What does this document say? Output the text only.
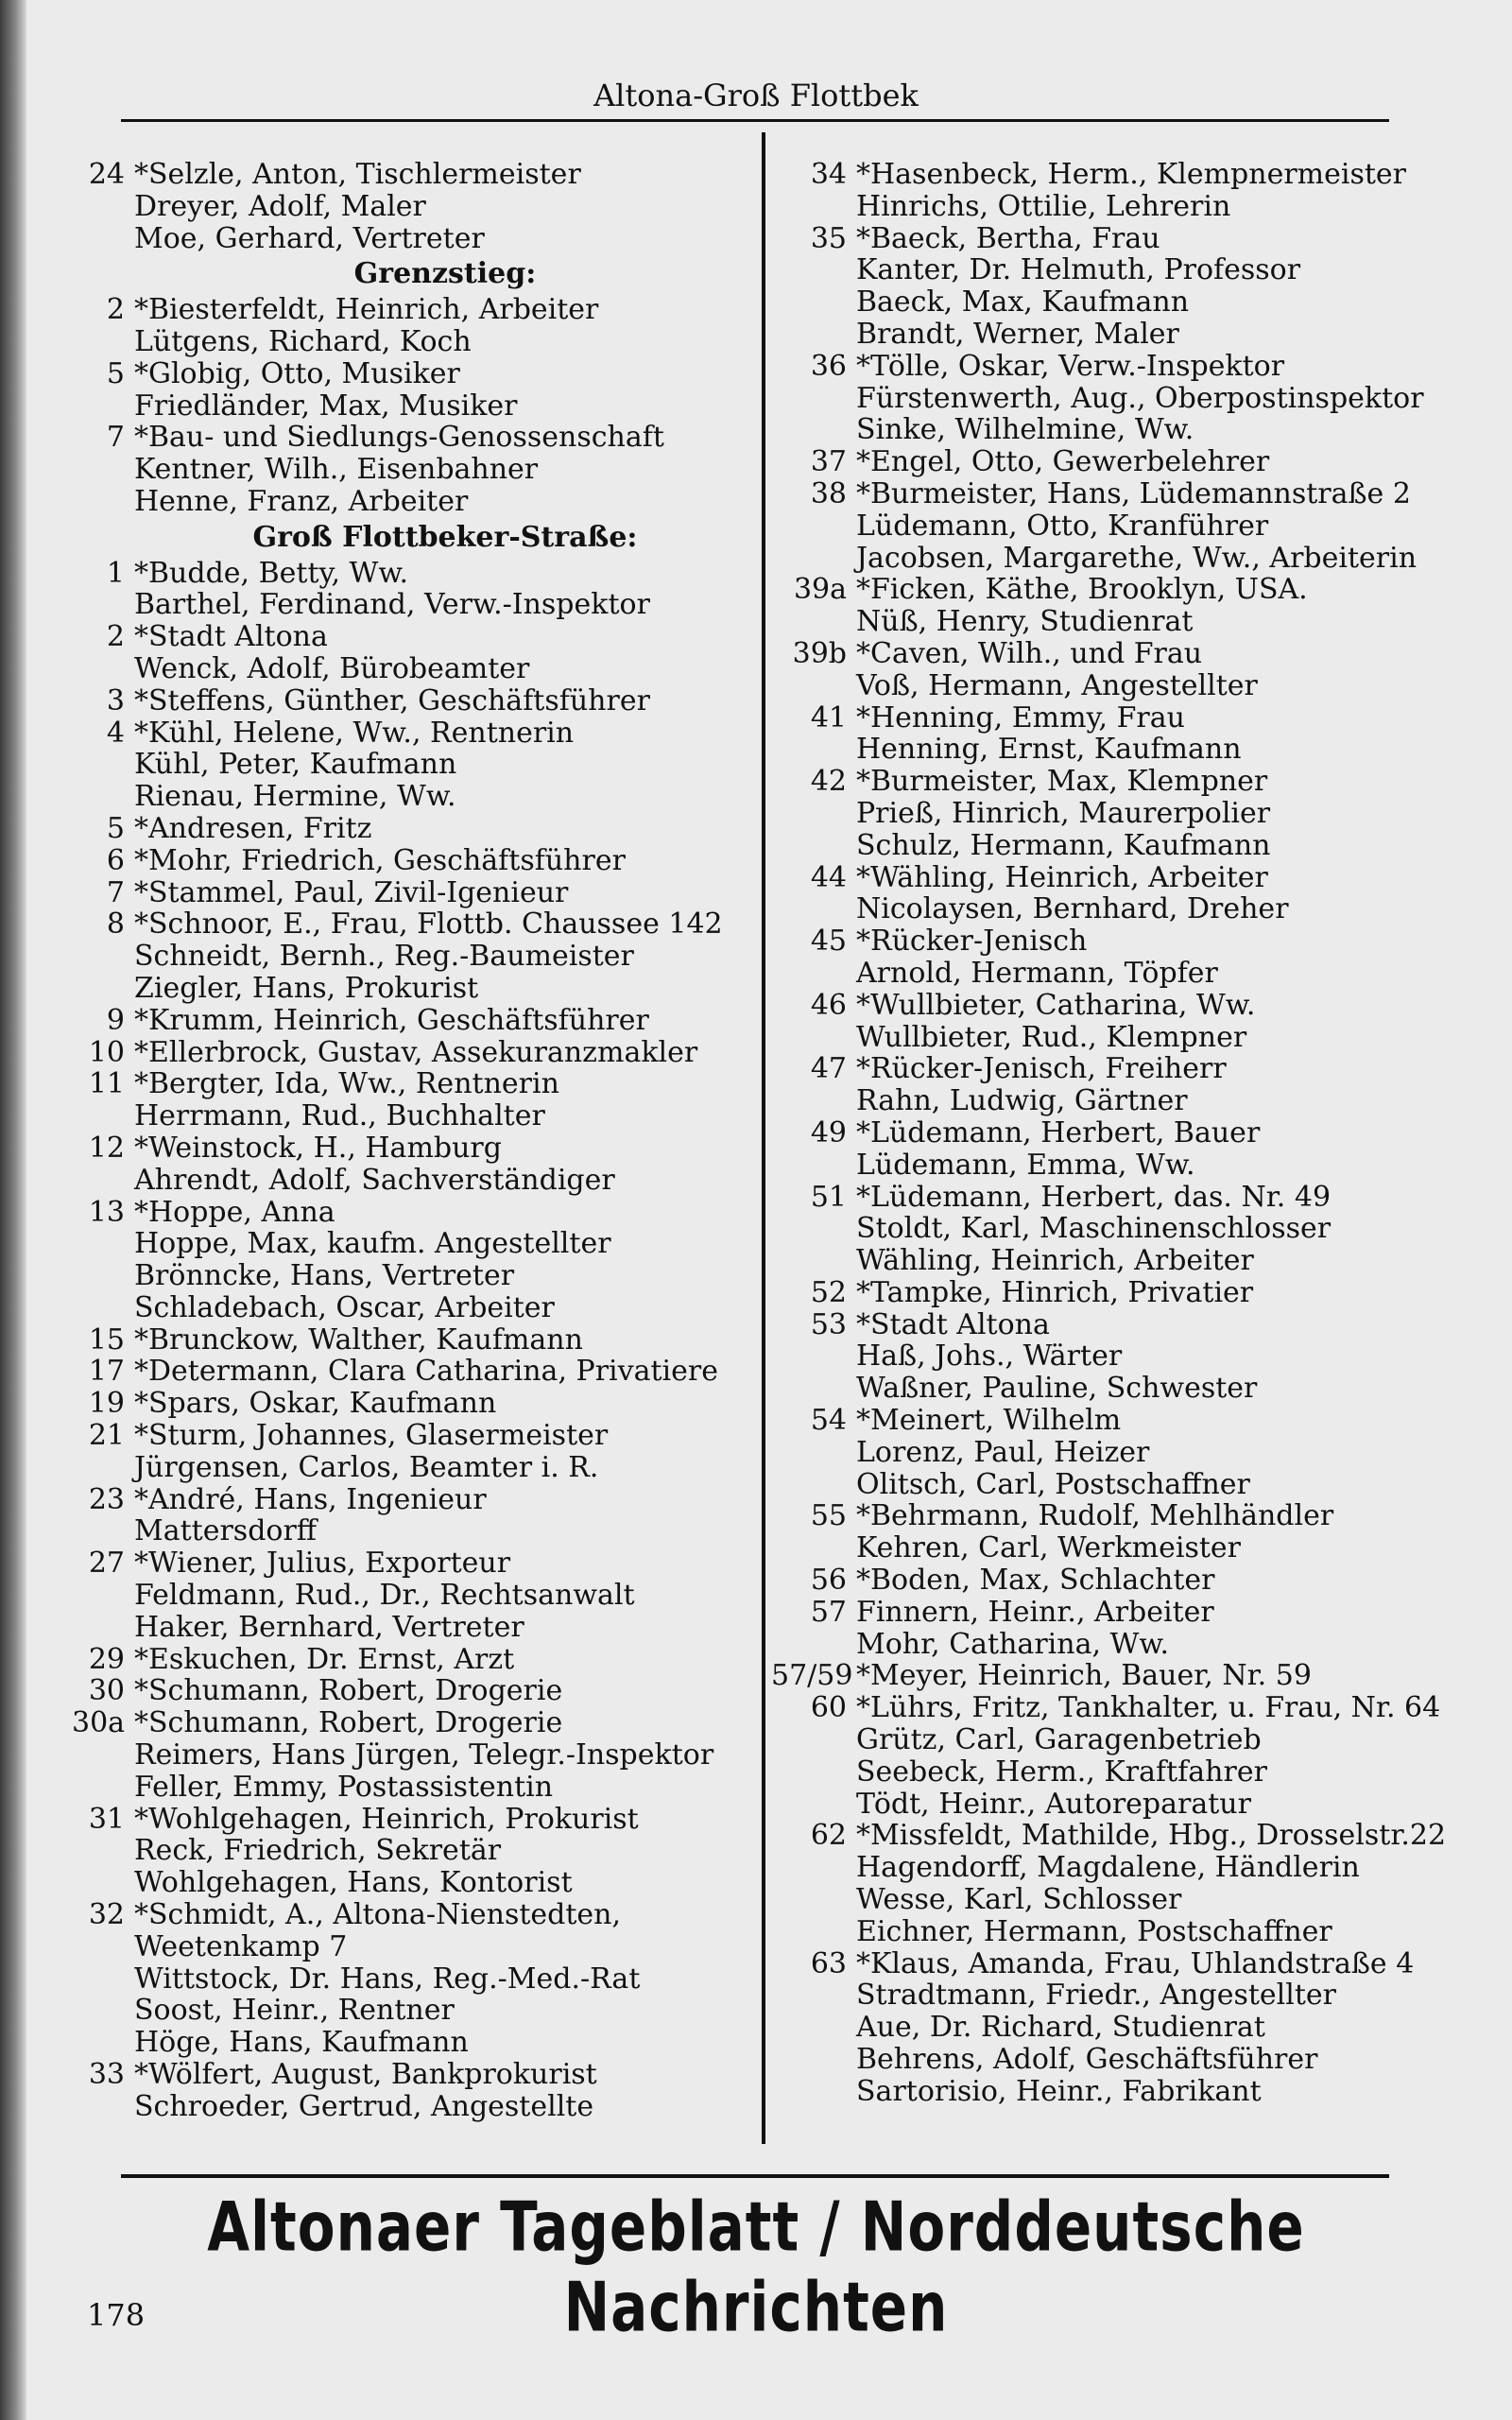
Altona-Groß Flottbek
24 *Selzle, Anton, Tischlermeister
Dreyer, Adolf, Maler
Moe, Gerhard, Vertreter
Grenzstieg:
2 *Biesterfeldt, Heinrich, Arbeiter
Lütgens, Richard, Koch
5 *Globig, Otto, Musiker
Friedländer, Max, Musiker
7 *Bau- und Siedlungs-Genossenschaft
Kentner, Wilh., Eisenbahner
Henne, Franz, Arbeiter
Groß Flottbeker-Straße:
1 *Budde, Betty, Ww.
Barthel, Ferdinand, Verw.-Inspektor
2 *Stadt Altona
Wenck, Adolf, Bürobeamter
3 *Steffens, Günther, Geschäftsführer
4 *Kühl, Helene, Ww., Rentnerin
Kühl, Peter, Kaufmann
Rienau, Hermine, Ww.
5 *Andresen, Fritz
6 *Mohr, Friedrich, Geschäftsführer
7 *Stammel, Paul, Zivil-Igenieur
8 *Schnoor, E., Frau, Flottb. Chaussee 142
Schneidt, Bernh., Reg.-Baumeister
Ziegler, Hans, Prokurist
9 *Krumm, Heinrich, Geschäftsführer
10 *Ellerbrock, Gustav, Assekuranzmakler
11 *Bergter, Ida, Ww., Rentnerin
Herrmann, Rud., Buchhalter
12 *Weinstock, H., Hamburg
Ahrendt, Adolf, Sachverständiger
13 *Hoppe, Anna
Hoppe, Max, kaufm. Angestellter
Brönncke, Hans, Vertreter
Schladebach, Oscar, Arbeiter
15 *Brunckow, Walther, Kaufmann
17 *Determann, Clara Catharina, Privatiere
19 *Spars, Oskar, Kaufmann
21 *Sturm, Johannes, Glasermeister
Jürgensen, Carlos, Beamter i. R.
23 *André, Hans, Ingenieur
Mattersdorff
27 *Wiener, Julius, Exporteur
Feldmann, Rud., Dr., Rechtsanwalt
Haker, Bernhard, Vertreter
29 *Eskuchen, Dr. Ernst, Arzt
30 *Schumann, Robert, Drogerie
30a *Schumann, Robert, Drogerie
Reimers, Hans Jürgen, Telegr.-Inspektor
Feller, Emmy, Postassistentin
31 *Wohlgehagen, Heinrich, Prokurist
Reck, Friedrich, Sekretär
Wohlgehagen, Hans, Kontorist
32 *Schmidt, A., Altona-Nienstedten,
Weetenkamp 7
Wittstock, Dr. Hans, Reg.-Med.-Rat
Soost, Heinr., Rentner
Höge, Hans, Kaufmann
33 *Wölfert, August, Bankprokurist
Schroeder, Gertrud, Angestellte
34 *Hasenbeck, Herm., Klempnermeister
Hinrichs, Ottilie, Lehrerin
35 *Baeck, Bertha, Frau
Kanter, Dr. Helmuth, Professor
Baeck, Max, Kaufmann
Brandt, Werner, Maler
36 *Tölle, Oskar, Verw.-Inspektor
Fürstenwerth, Aug., Oberpostinspektor
Sinke, Wilhelmine, Ww.
37 *Engel, Otto, Gewerbelehrer
38 *Burmeister, Hans, Lüdemannstraße 2
Lüdemann, Otto, Kranführer
Jacobsen, Margarethe, Ww., Arbeiterin
39a *Ficken, Käthe, Brooklyn, USA.
Nüß, Henry, Studienrat
39b *Caven, Wilh., und Frau
Voß, Hermann, Angestellter
41 *Henning, Emmy, Frau
Henning, Ernst, Kaufmann
42 *Burmeister, Max, Klempner
Prieß, Hinrich, Maurerpolier
Schulz, Hermann, Kaufmann
44 *Wähling, Heinrich, Arbeiter
Nicolaysen, Bernhard, Dreher
45 *Rücker-Jenisch
Arnold, Hermann, Töpfer
46 *Wullbieter, Catharina, Ww.
Wullbieter, Rud., Klempner
47 *Rücker-Jenisch, Freiherr
Rahn, Ludwig, Gärtner
49 *Lüdemann, Herbert, Bauer
Lüdemann, Emma, Ww.
51 *Lüdemann, Herbert, das. Nr. 49
Stoldt, Karl, Maschinenschlosser
Wähling, Heinrich, Arbeiter
52 *Tampke, Hinrich, Privatier
53 *Stadt Altona
Haß, Johs., Wärter
Waßner, Pauline, Schwester
54 *Meinert, Wilhelm
Lorenz, Paul, Heizer
Olitsch, Carl, Postschaffner
55 *Behrmann, Rudolf, Mehlhändler
Kehren, Carl, Werkmeister
56 *Boden, Max, Schlachter
57 Finnern, Heinr., Arbeiter
Mohr, Catharina, Ww.
57/59 *Meyer, Heinrich, Bauer, Nr. 59
60 *Lührs, Fritz, Tankhalter, u. Frau, Nr. 64
Grütz, Carl, Garagenbetrieb
Seebeck, Herm., Kraftfahrer
Tödt, Heinr., Autoreparatur
62 *Missfeldt, Mathilde, Hbg., Drosselstr.22
Hagendorff, Magdalene, Händlerin
Wesse, Karl, Schlosser
Eichner, Hermann, Postschaffner
63 *Klaus, Amanda, Frau, Uhlandstraße 4
Stradtmann, Friedr., Angestellter
Aue, Dr. Richard, Studienrat
Behrens, Adolf, Geschäftsführer
Sartorisio, Heinr., Fabrikant
Altonaer Tageblatt / Norddeutsche Nachrichten
178
